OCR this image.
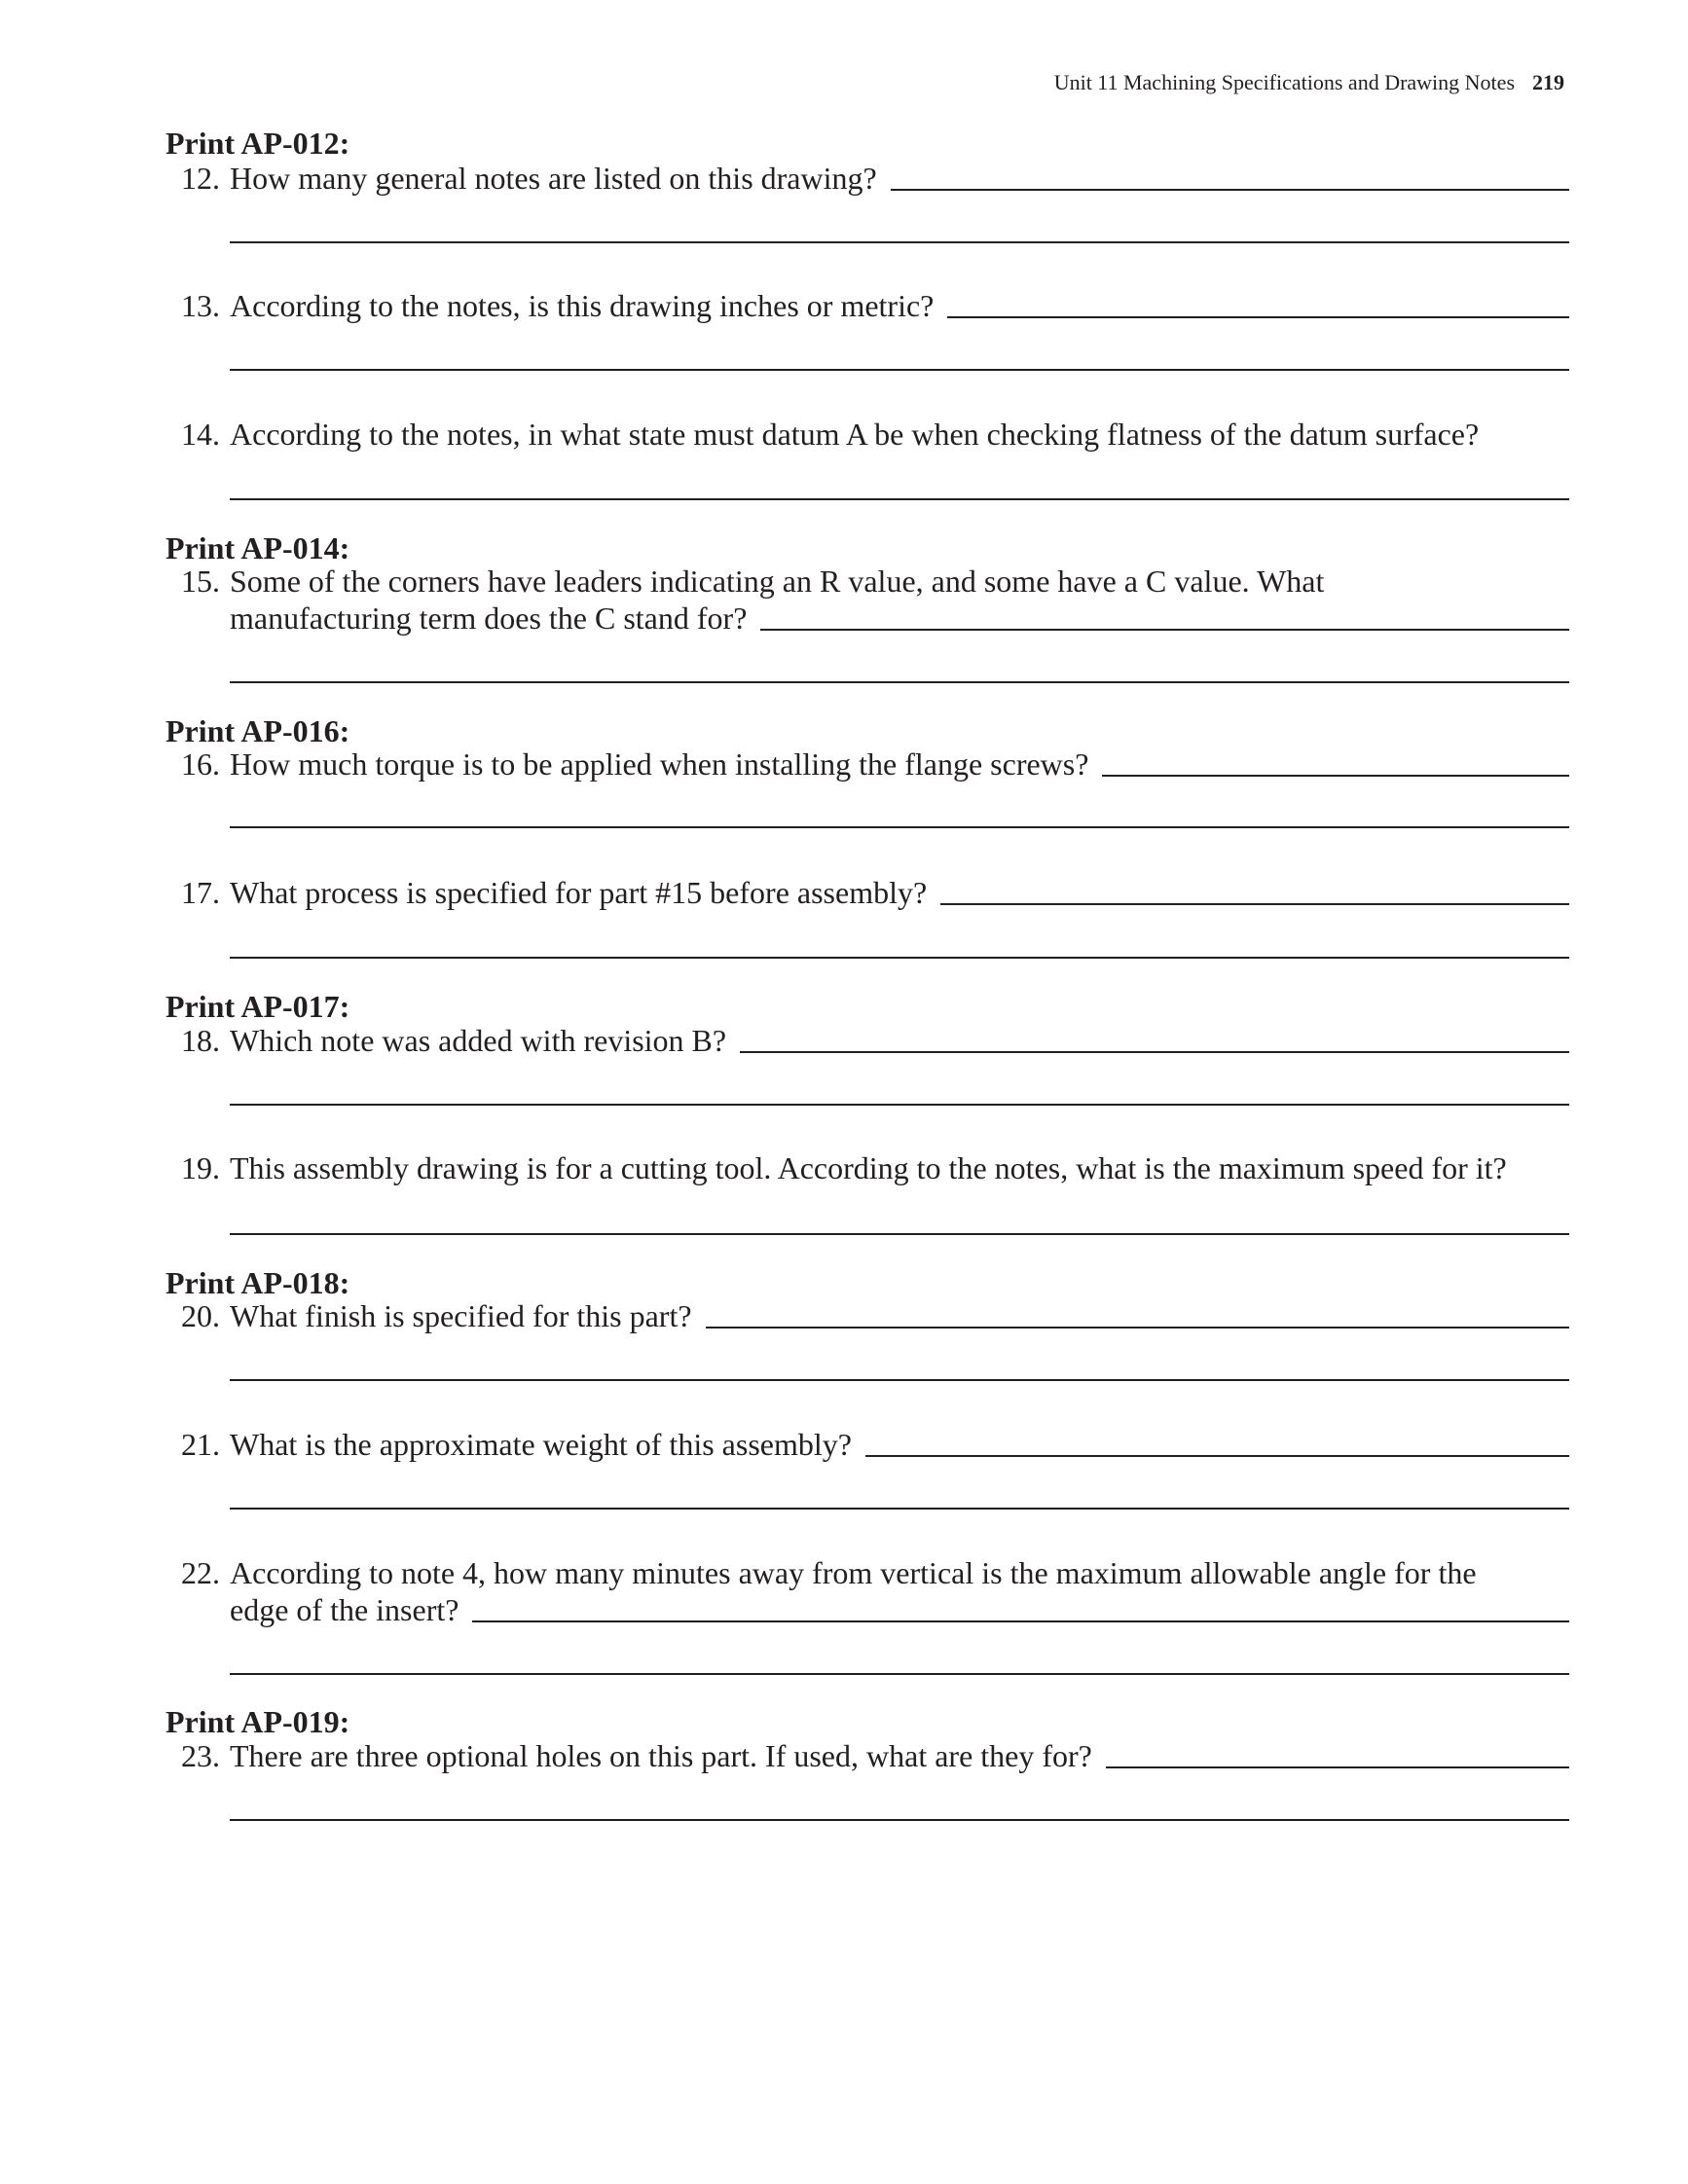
Unit 11 Machining Specifications and Drawing Notes 219
Print AP-012:
12. How many general notes are listed on this drawing?
13. According to the notes, is this drawing inches or metric?
14. According to the notes, in what state must datum A be when checking flatness of the datum surface?
Print AP-014:
15. Some of the corners have leaders indicating an R value, and some have a C value. What
manufacturing term does the C stand for?
Print AP-016:
16. How much torque is to be applied when installing the flange screws?
17. What process is specified for part #15 before assembly?
Print AP-017:
18. Which note was added with revision B?
19. This assembly drawing is for a cutting tool. According to the notes, what is the maximum speed for it?
Print AP-018:
20. What finish is specified for this part?
21. What is the approximate weight of this assembly?
22. According to note 4, how many minutes away from vertical is the maximum allowable angle for the
edge of the insert?
Print AP-019:
23. There are three optional holes on this part. If used, what are they for?
